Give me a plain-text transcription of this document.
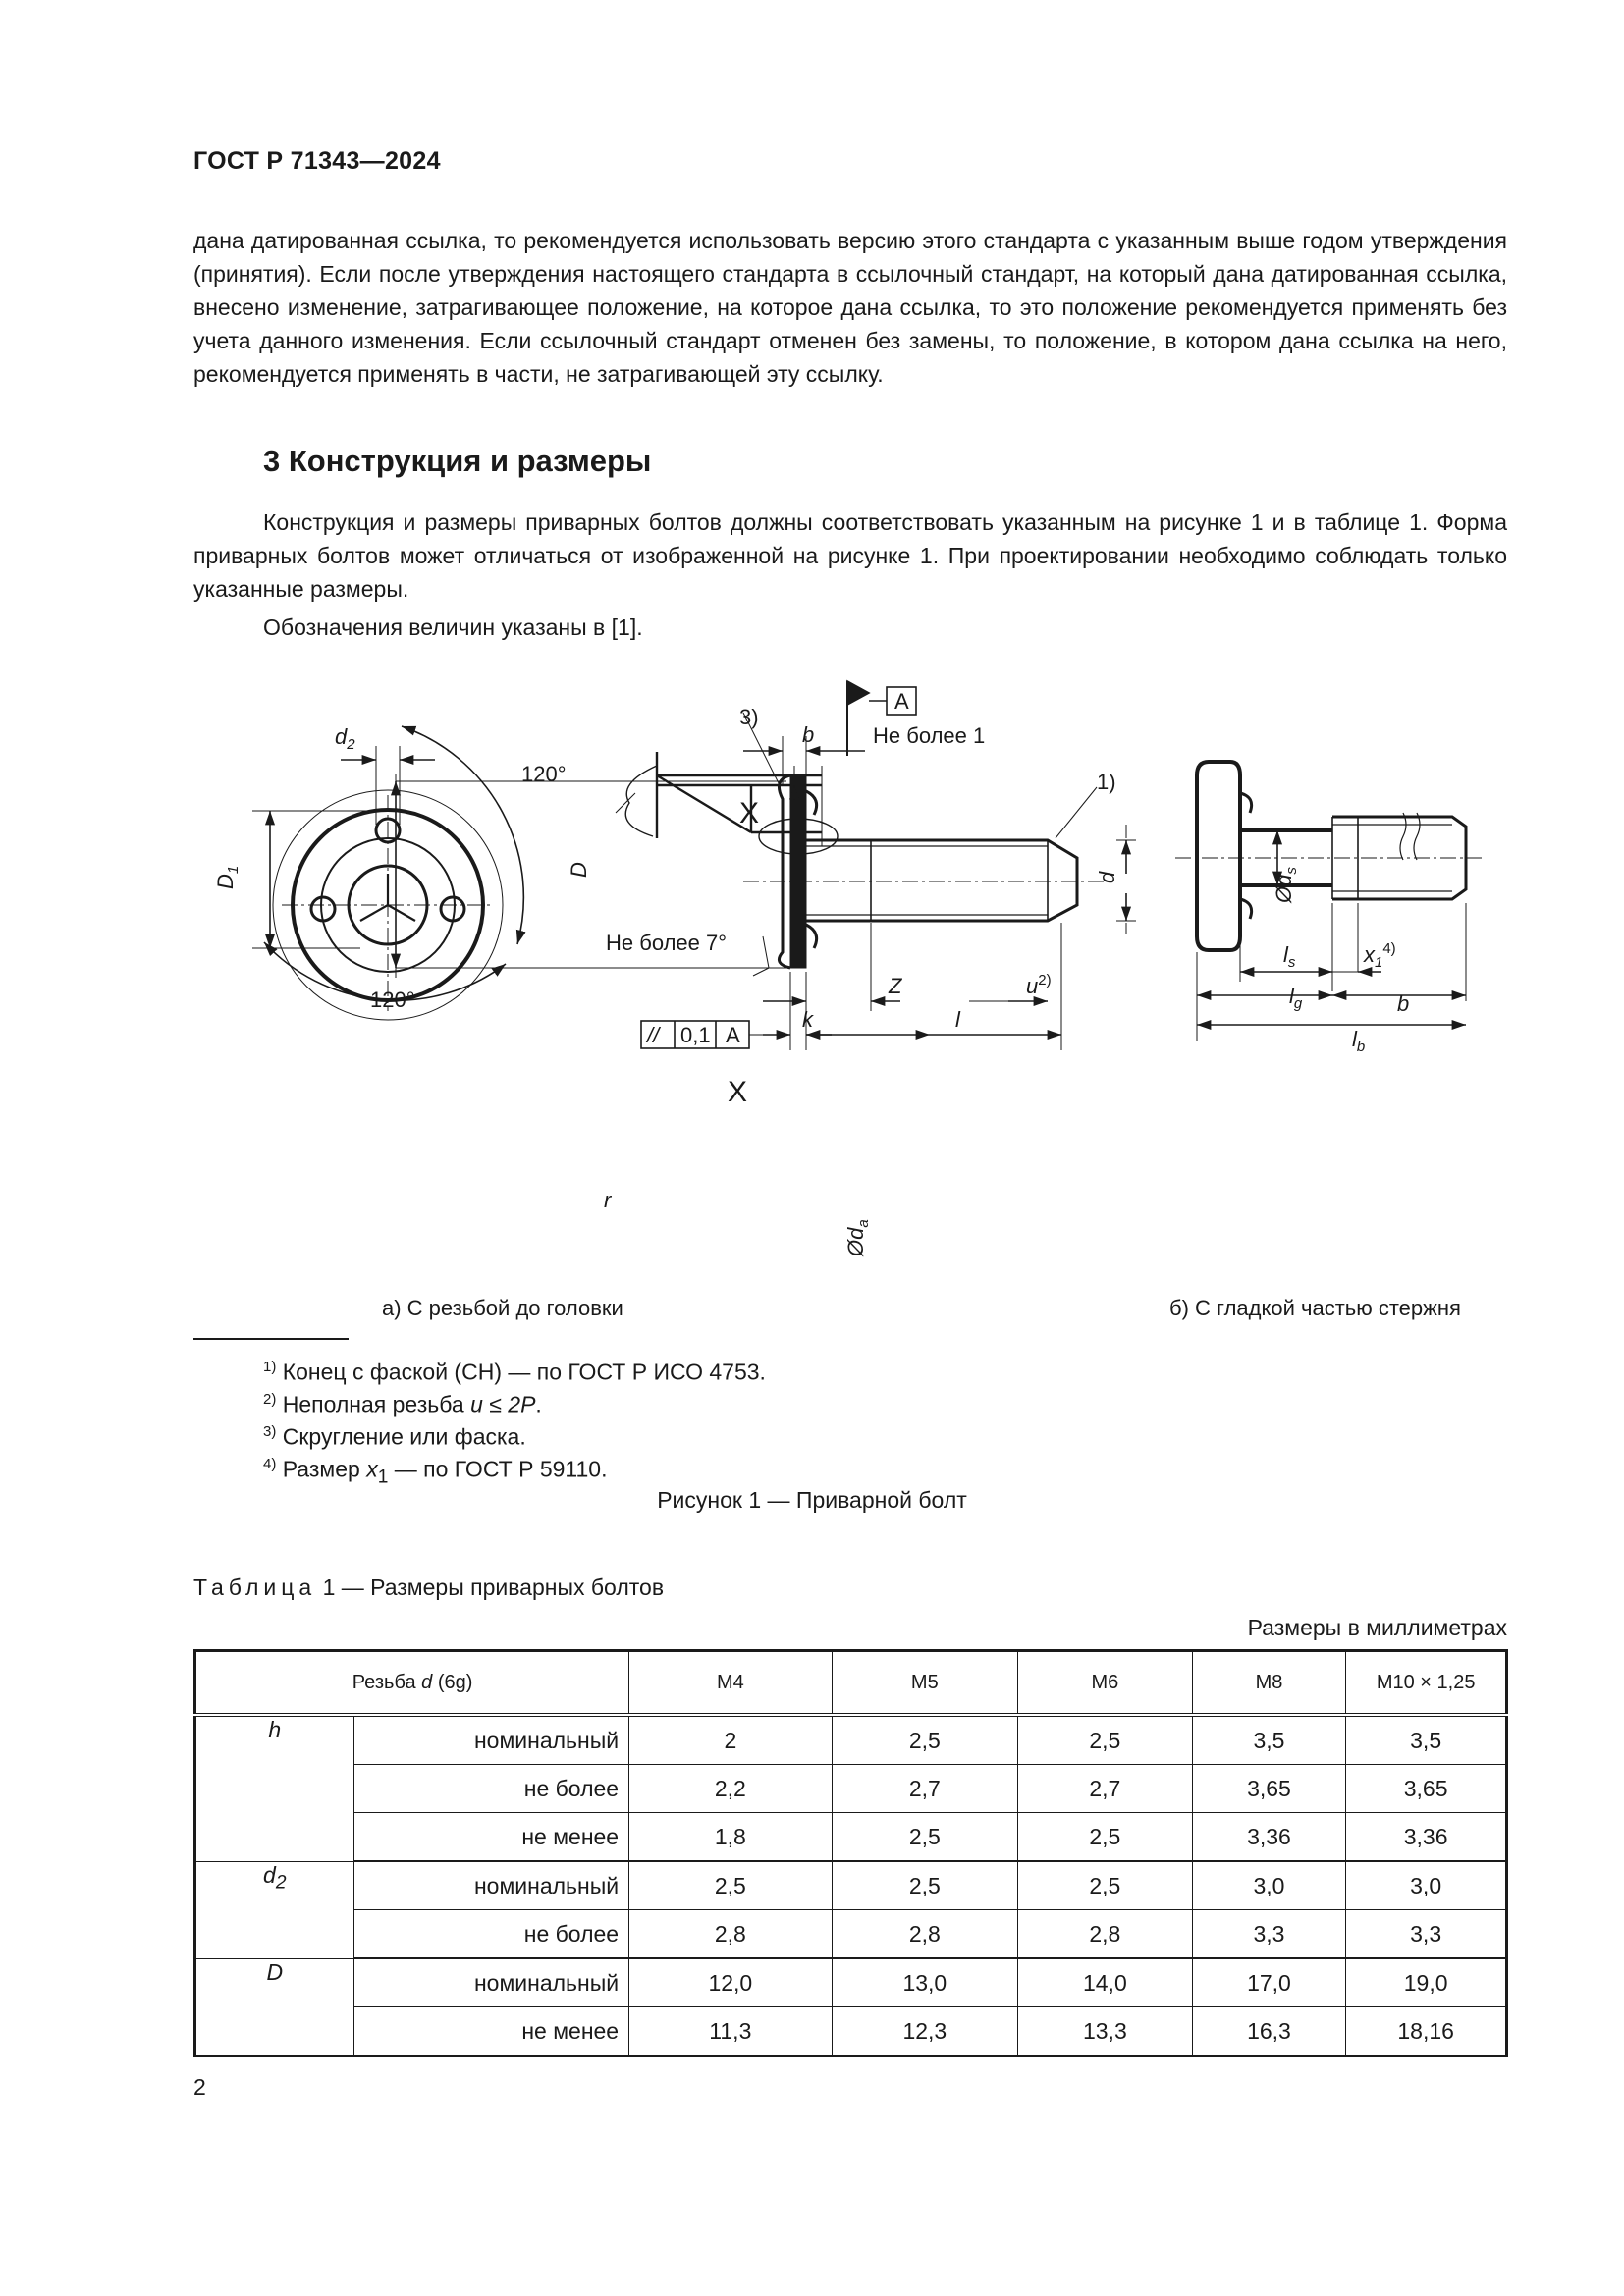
ГОСТ Р 71343—2024
дана датированная ссылка, то рекомендуется использовать версию этого стандарта с указанным выше годом утверждения (принятия). Если после утверждения настоящего стандарта в ссылочный стандарт, на который дана датированная ссылка, внесено изменение, затрагивающее положение, на которое дана ссылка, то это положение рекомендуется применять без учета данного изменения. Если ссылочный стандарт отменен без замены, то положение, в котором дана ссылка на него, рекомендуется применять в части, не затрагивающей эту ссылку.
3 Конструкция и размеры
Конструкция и размеры приварных болтов должны соответствовать указанным на рисунке 1 и в таблице 1. Форма приварных болтов может отличаться от изображенной на рисунке 1. При проектировании необходимо соблюдать только указанные размеры.
Обозначения величин указаны в [1].
$d_2$
120°
120°
$D_1$	D
3)
b
A
Не более 1
X
1)
d
Не более 7°
Z	$u^{2)}$
// 0,1 A
k	l
X
r
$Ød_a$
$Ød_s$
$l_s$	$x_1^{4)}$
$l_g$	b
$l_b$
а) С резьбой до головки	б) С гладкой частью стержня
$^{1)}$ Конец с фаской (CH) — по ГОСТ Р ИСО 4753.
$^{2)}$ Неполная резьба u ≤ 2P.
$^{3)}$ Скругление или фаска.
$^{4)}$ Размер $x_1$ — по ГОСТ Р 59110.
Рисунок 1 — Приварной болт
Таблица 1 — Размеры приварных болтов
Размеры в миллиметрах
Резьба d (6g)		M4	M5	M6	M8	M10 × 1,25
h	номинальный	2	2,5	2,5	3,5	3,5
	не более	2,2	2,7	2,7	3,65	3,65
	не менее	1,8	2,5	2,5	3,36	3,36
$d_2$	номинальный	2,5	2,5	2,5	3,0	3,0
	не более	2,8	2,8	2,8	3,3	3,3
D	номинальный	12,0	13,0	14,0	17,0	19,0
	не менее	11,3	12,3	13,3	16,3	18,16
2
